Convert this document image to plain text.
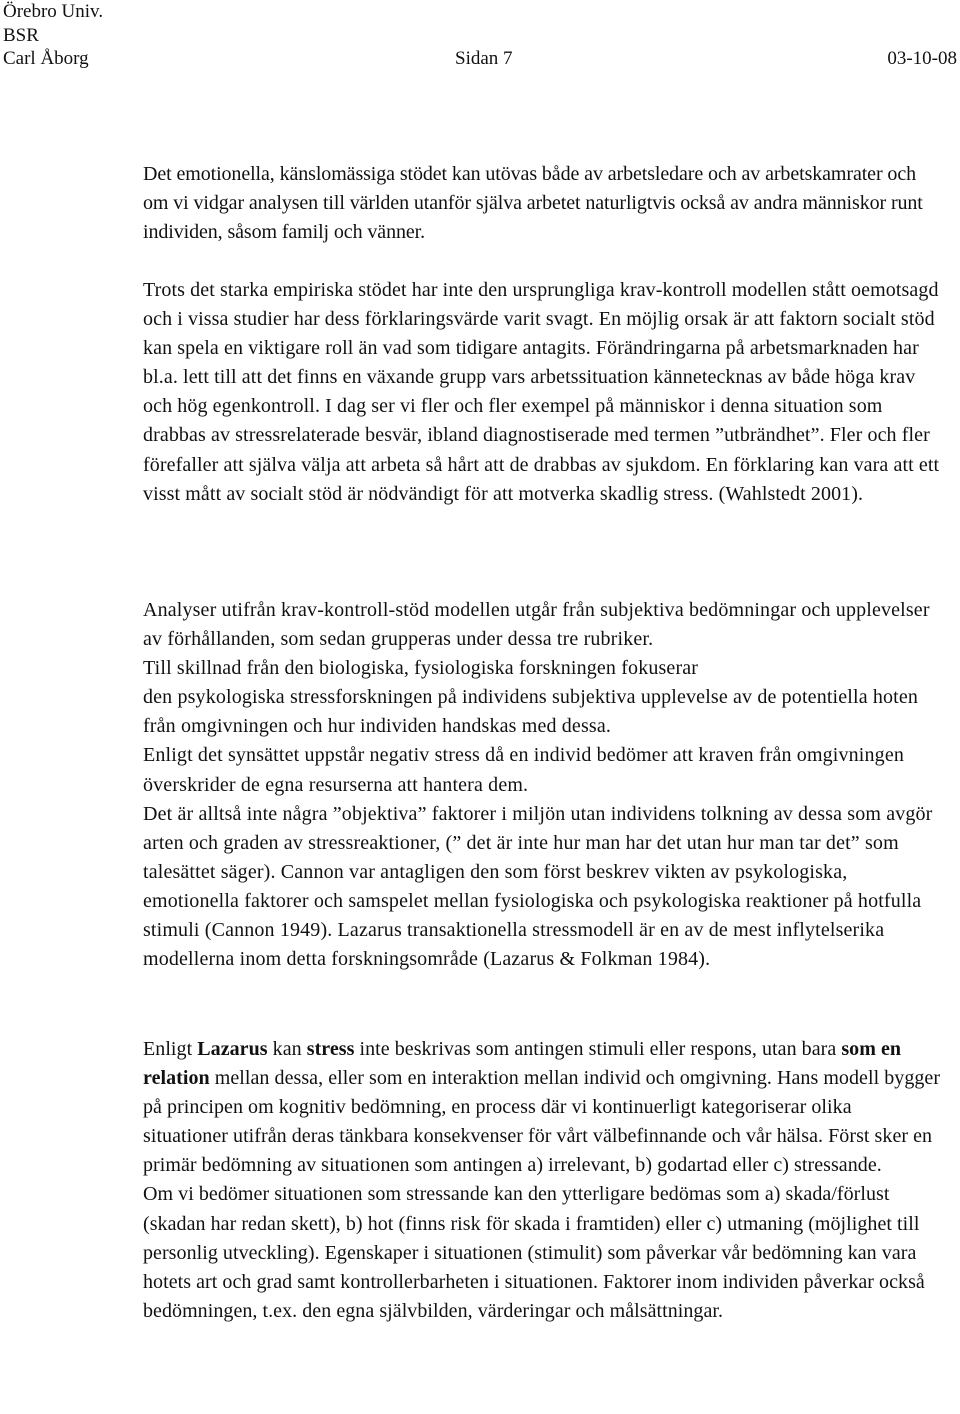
Örebro Univ.
BSR
Carl Åborg	Sidan 7	03-10-08

Det emotionella, känslomässiga stödet kan utövas både av arbetsledare och av arbetskamrater och om vi vidgar analysen till världen utanför själva arbetet naturligtvis också av andra människor runt individen, såsom familj och vänner.

Trots det starka empiriska stödet har inte den ursprungliga krav-kontroll modellen stått oemotsagd och i vissa studier har dess förklaringsvärde varit svagt. En möjlig orsak är att faktorn socialt stöd kan spela en viktigare roll än vad som tidigare antagits. Förändringarna på arbetsmarknaden har bl.a. lett till att det finns en växande grupp vars arbetssituation kännetecknas av både höga krav och hög egenkontroll. I dag ser vi fler och fler exempel på människor i denna situation som drabbas av stressrelaterade besvär, ibland diagnostiserade med termen ”utbrändhet”. Fler och fler förefaller att själva välja att arbeta så hårt att de drabbas av sjukdom. En förklaring kan vara att ett visst mått av socialt stöd är nödvändigt för att motverka skadlig stress. (Wahlstedt 2001).

Analyser utifrån krav-kontroll-stöd modellen utgår från subjektiva bedömningar och upplevelser av förhållanden, som sedan grupperas under dessa tre rubriker.

Till skillnad från den biologiska, fysiologiska forskningen fokuserar

den psykologiska stressforskningen på individens subjektiva upplevelse av de potentiella hoten från omgivningen och hur individen handskas med dessa.

Enligt det synsättet uppstår negativ stress då en individ bedömer att kraven från omgivningen överskrider de egna resurserna att hantera dem.

Det är alltså inte några ”objektiva” faktorer i miljön utan individens tolkning av dessa som avgör arten och graden av stressreaktioner, (” det är inte hur man har det utan hur man tar det” som talesättet säger). Cannon var antagligen den som först beskrev vikten av psykologiska, emotionella faktorer och samspelet mellan fysiologiska och psykologiska reaktioner på hotfulla stimuli (Cannon 1949). Lazarus transaktionella stressmodell är en av de mest inflytelserika modellerna inom detta forskningsområde (Lazarus & Folkman 1984).

Enligt Lazarus kan stress inte beskrivas som antingen stimuli eller respons, utan bara som en relation mellan dessa, eller som en interaktion mellan individ och omgivning. Hans modell bygger på principen om kognitiv bedömning, en process där vi kontinuerligt kategoriserar olika situationer utifrån deras tänkbara konsekvenser för vårt välbefinnande och vår hälsa. Först sker en primär bedömning av situationen som antingen a) irrelevant, b) godartad eller c) stressande.

Om vi bedömer situationen som stressande kan den ytterligare bedömas som a) skada/förlust (skadan har redan skett), b) hot (finns risk för skada i framtiden) eller c) utmaning (möjlighet till personlig utveckling). Egenskaper i situationen (stimulit) som påverkar vår bedömning kan vara hotets art och grad samt kontrollerbarheten i situationen. Faktorer inom individen påverkar också bedömningen, t.ex. den egna självbilden, värderingar och målsättningar.
